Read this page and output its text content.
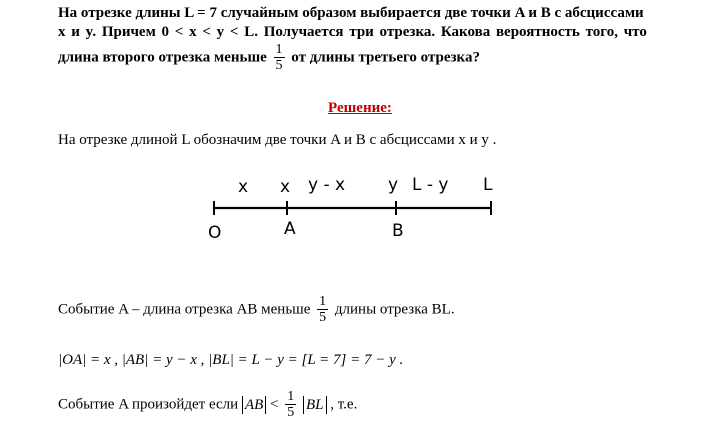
На отрезке длины L = 7 случайным образом выбирается две точки A и B с абсциссами
x и y. Причем 0 < x < y < L. Получается три отрезка. Какова вероятность того, что
длина второго отрезка меньше $\frac{1}{5}$ от длины третьего отрезка?
Решение:
На отрезке длиной L обозначим две точки A и B с абсциссами x и y .
x x y - x	y L - y L
O	A	B
Событие A – длина отрезка AB меньше $\frac{1}{5}$ длины отрезка BL.
|OA| = x , |AB| = y − x , |BL| = L − y = [L = 7] = 7 − y .
Событие A произойдет если AB < $\frac{1}{5}$ BL , т.е.
